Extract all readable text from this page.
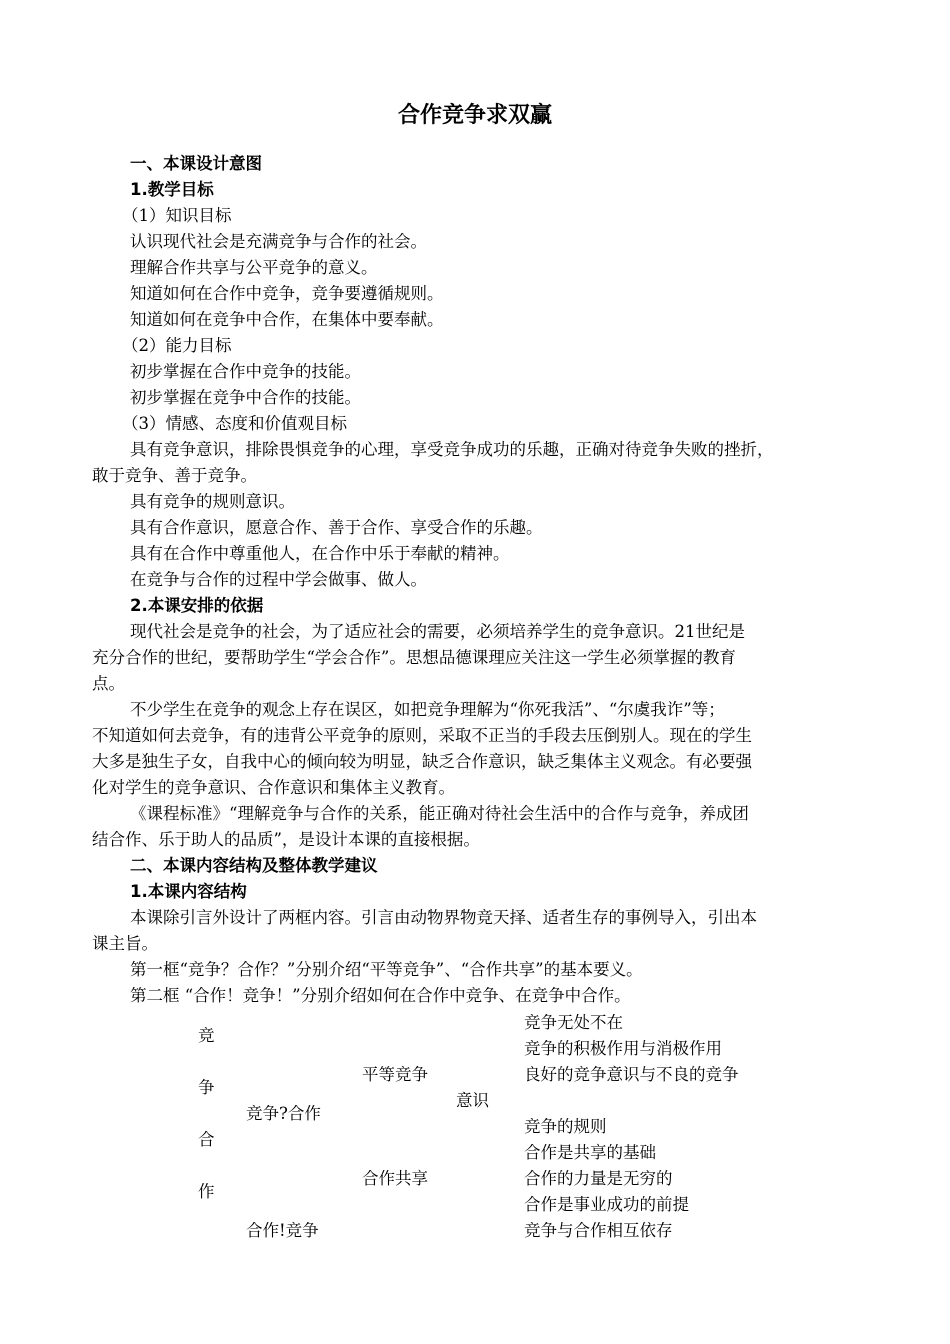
合作竞争求双赢
一、本课设计意图
1.教学目标
（1）知识目标
认识现代社会是充满竞争与合作的社会。
理解合作共享与公平竞争的意义。
知道如何在合作中竞争，竞争要遵循规则。
知道如何在竞争中合作，在集体中要奉献。
（2）能力目标
初步掌握在合作中竞争的技能。
初步掌握在竞争中合作的技能。
（3）情感、态度和价值观目标
具有竞争意识，排除畏惧竞争的心理，享受竞争成功的乐趣，正确对待竞争失败的挫折，
敢于竞争、善于竞争。
具有竞争的规则意识。
具有合作意识，愿意合作、善于合作、享受合作的乐趣。
具有在合作中尊重他人，在合作中乐于奉献的精神。
在竞争与合作的过程中学会做事、做人。
2.本课安排的依据
现代社会是竞争的社会，为了适应社会的需要，必须培养学生的竞争意识。21世纪是
充分合作的世纪，要帮助学生“学会合作”。思想品德课理应关注这一学生必须掌握的教育
点。
不少学生在竞争的观念上存在误区，如把竞争理解为“你死我活”、“尔虞我诈”等；
不知道如何去竞争，有的违背公平竞争的原则，采取不正当的手段去压倒别人。现在的学生
大多是独生子女，自我中心的倾向较为明显，缺乏合作意识，缺乏集体主义观念。有必要强
化对学生的竞争意识、合作意识和集体主义教育。
《课程标准》“理解竞争与合作的关系，能正确对待社会生活中的合作与竞争，养成团
结合作、乐于助人的品质”，是设计本课的直接根据。
二、本课内容结构及整体教学建议
1.本课内容结构
本课除引言外设计了两框内容。引言由动物界物竞天择、适者生存的事例导入，引出本
课主旨。
第一框“竞争？合作？”分别介绍“平等竞争”、“合作共享”的基本要义。
第二框 “合作！竞争！”分别介绍如何在合作中竞争、在竞争中合作。
竞
争
合
作
竞争?合作
合作!竞争
平等竞争
合作共享
意识
竞争无处不在
竞争的积极作用与消极作用
良好的竞争意识与不良的竞争
竞争的规则
合作是共享的基础
合作的力量是无穷的
合作是事业成功的前提
竞争与合作相互依存
